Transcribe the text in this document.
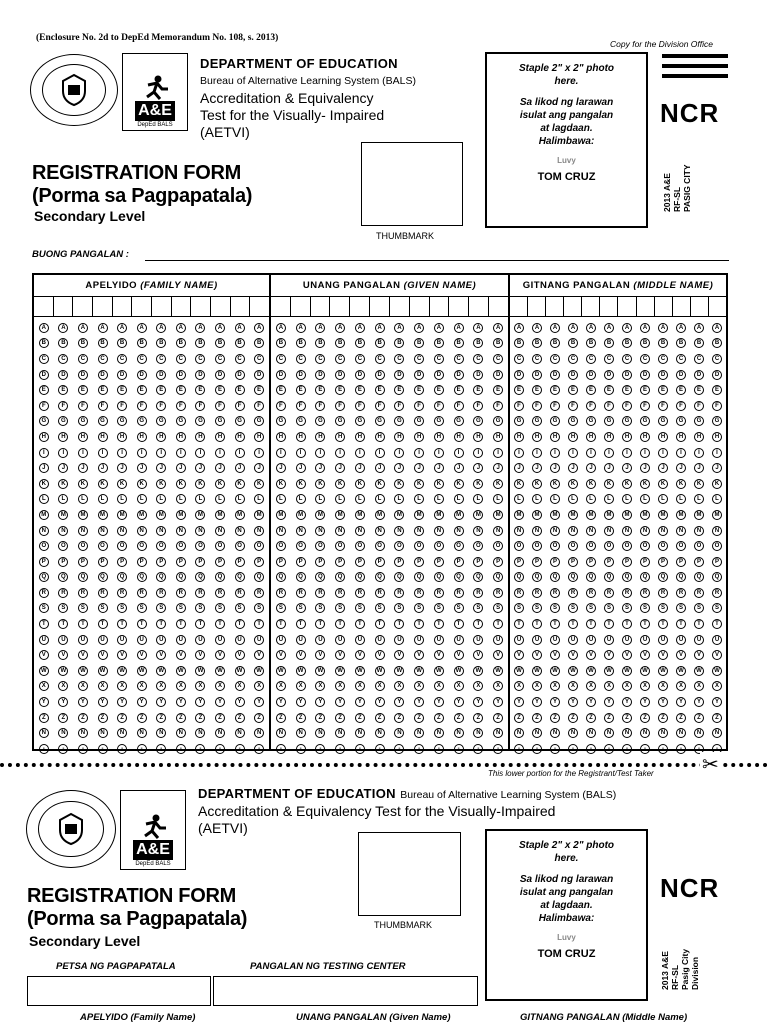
(Enclosure No. 2d to DepEd Memorandum No. 108, s. 2013)
Copy for the Division Office
A&E
DepEd BALS
DEPARTMENT OF EDUCATION
Bureau of Alternative Learning System (BALS)
Accreditation & Equivalency
Test for the Visually- Impaired
(AETVI)
REGISTRATION FORM
(Porma sa Pagpapatala)
Secondary Level
THUMBMARK
Staple 2" x 2" photo
here.
Sa likod ng larawan
isulat ang pangalan
at lagdaan.
Halimbawa:
Luvy
TOM CRUZ
NCR
2013 A&E RF-SL PASIG CITY
BUONG PANGALAN :
APELYIDO (FAMILY NAME)
A	A	A	A	A	A	A	A	A	A	A	A
B	B	B	B	B	B	B	B	B	B	B	B
C	C	C	C	C	C	C	C	C	C	C	C
D	D	D	D	D	D	D	D	D	D	D	D
E	E	E	E	E	E	E	E	E	E	E	E
F	F	F	F	F	F	F	F	F	F	F	F
G	G	G	G	G	G	G	G	G	G	G	G
H	H	H	H	H	H	H	H	H	H	H	H
I	I	I	I	I	I	I	I	I	I	I	I
J	J	J	J	J	J	J	J	J	J	J	J
K	K	K	K	K	K	K	K	K	K	K	K
L	L	L	L	L	L	L	L	L	L	L	L
M	M	M	M	M	M	M	M	M	M	M	M
N	N	N	N	N	N	N	N	N	N	N	N
O	O	O	O	O	O	O	O	O	O	O	O
P	P	P	P	P	P	P	P	P	P	P	P
Q	Q	Q	Q	Q	Q	Q	Q	Q	Q	Q	Q
R	R	R	R	R	R	R	R	R	R	R	R
S	S	S	S	S	S	S	S	S	S	S	S
T	T	T	T	T	T	T	T	T	T	T	T
U	U	U	U	U	U	U	U	U	U	U	U
V	V	V	V	V	V	V	V	V	V	V	V
W	W	W	W	W	W	W	W	W	W	W	W
X	X	X	X	X	X	X	X	X	X	X	X
Y	Y	Y	Y	Y	Y	Y	Y	Y	Y	Y	Y
Z	Z	Z	Z	Z	Z	Z	Z	Z	Z	Z	Z
Ñ	Ñ	Ñ	Ñ	Ñ	Ñ	Ñ	Ñ	Ñ	Ñ	Ñ	Ñ
-	-	-	-	-	-	-	-	-	-	-	-
UNANG PANGALAN (GIVEN NAME)
A	A	A	A	A	A	A	A	A	A	A	A
B	B	B	B	B	B	B	B	B	B	B	B
C	C	C	C	C	C	C	C	C	C	C	C
D	D	D	D	D	D	D	D	D	D	D	D
E	E	E	E	E	E	E	E	E	E	E	E
F	F	F	F	F	F	F	F	F	F	F	F
G	G	G	G	G	G	G	G	G	G	G	G
H	H	H	H	H	H	H	H	H	H	H	H
I	I	I	I	I	I	I	I	I	I	I	I
J	J	J	J	J	J	J	J	J	J	J	J
K	K	K	K	K	K	K	K	K	K	K	K
L	L	L	L	L	L	L	L	L	L	L	L
M	M	M	M	M	M	M	M	M	M	M	M
N	N	N	N	N	N	N	N	N	N	N	N
O	O	O	O	O	O	O	O	O	O	O	O
P	P	P	P	P	P	P	P	P	P	P	P
Q	Q	Q	Q	Q	Q	Q	Q	Q	Q	Q	Q
R	R	R	R	R	R	R	R	R	R	R	R
S	S	S	S	S	S	S	S	S	S	S	S
T	T	T	T	T	T	T	T	T	T	T	T
U	U	U	U	U	U	U	U	U	U	U	U
V	V	V	V	V	V	V	V	V	V	V	V
W	W	W	W	W	W	W	W	W	W	W	W
X	X	X	X	X	X	X	X	X	X	X	X
Y	Y	Y	Y	Y	Y	Y	Y	Y	Y	Y	Y
Z	Z	Z	Z	Z	Z	Z	Z	Z	Z	Z	Z
Ñ	Ñ	Ñ	Ñ	Ñ	Ñ	Ñ	Ñ	Ñ	Ñ	Ñ	Ñ
-	-	-	-	-	-	-	-	-	-	-	-
GITNANG PANGALAN (MIDDLE NAME)
A	A	A	A	A	A	A	A	A	A	A	A
B	B	B	B	B	B	B	B	B	B	B	B
C	C	C	C	C	C	C	C	C	C	C	C
D	D	D	D	D	D	D	D	D	D	D	D
E	E	E	E	E	E	E	E	E	E	E	E
F	F	F	F	F	F	F	F	F	F	F	F
G	G	G	G	G	G	G	G	G	G	G	G
H	H	H	H	H	H	H	H	H	H	H	H
I	I	I	I	I	I	I	I	I	I	I	I
J	J	J	J	J	J	J	J	J	J	J	J
K	K	K	K	K	K	K	K	K	K	K	K
L	L	L	L	L	L	L	L	L	L	L	L
M	M	M	M	M	M	M	M	M	M	M	M
N	N	N	N	N	N	N	N	N	N	N	N
O	O	O	O	O	O	O	O	O	O	O	O
P	P	P	P	P	P	P	P	P	P	P	P
Q	Q	Q	Q	Q	Q	Q	Q	Q	Q	Q	Q
R	R	R	R	R	R	R	R	R	R	R	R
S	S	S	S	S	S	S	S	S	S	S	S
T	T	T	T	T	T	T	T	T	T	T	T
U	U	U	U	U	U	U	U	U	U	U	U
V	V	V	V	V	V	V	V	V	V	V	V
W	W	W	W	W	W	W	W	W	W	W	W
X	X	X	X	X	X	X	X	X	X	X	X
Y	Y	Y	Y	Y	Y	Y	Y	Y	Y	Y	Y
Z	Z	Z	Z	Z	Z	Z	Z	Z	Z	Z	Z
Ñ	Ñ	Ñ	Ñ	Ñ	Ñ	Ñ	Ñ	Ñ	Ñ	Ñ	Ñ
-	-	-	-	-	-	-	-	-	-	-	-
✂
This lower portion for the Registrant/Test Taker
A&E
DepEd BALS
DEPARTMENT OF EDUCATION Bureau of Alternative Learning System (BALS)
Accreditation & Equivalency Test for the Visually-Impaired
(AETVI)
REGISTRATION FORM
(Porma sa Pagpapatala)
Secondary Level
THUMBMARK
Staple 2" x 2" photo
here.
Sa likod ng larawan
isulat ang pangalan
at lagdaan.
Halimbawa:
Luvy
TOM CRUZ
NCR
2013 A&E RF-SL Pasig City Division
PETSA NG PAGPAPATALA	PANGALAN NG TESTING CENTER
APELYIDO (Family Name)	UNANG PANGALAN (Given Name)	GITNANG PANGALAN (Middle Name)
